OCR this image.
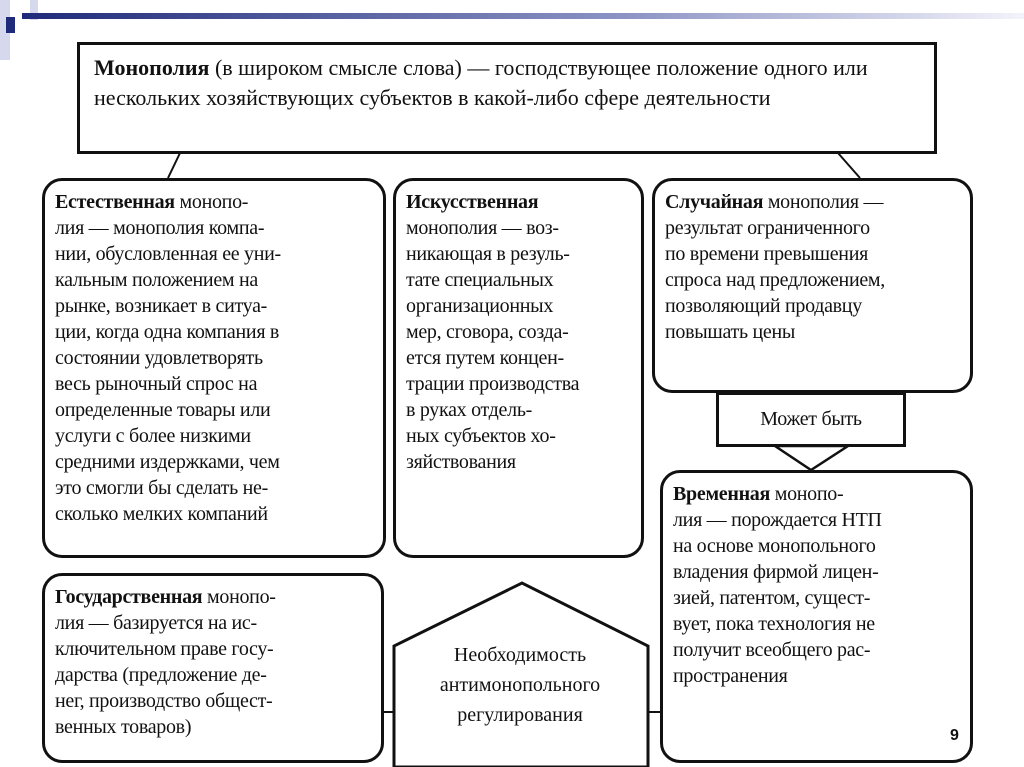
Монополия (в широком смысле слова) — господствующее положение одного или нескольких хозяйствующих субъектов в какой-либо сфере деятельности
Естественная монопо-
лия — монополия компа-
нии, обусловленная ее уни-
кальным положением на
рынке, возникает в ситуа-
ции, когда одна компания в
состоянии удовлетворять
весь рыночный спрос на
определенные товары или
услуги с более низкими
средними издержками, чем
это смогли бы сделать не-
сколько мелких компаний
Искусственная
монополия — воз-
никающая в резуль-
тате специальных
организационных
мер, сговора, созда-
ется путем концен-
трации производства
в руках отдель-
ных субъектов хо-
зяйствования
Случайная монополия —
результат ограниченного
по времени превышения
спроса над предложением,
позволяющий продавцу
повышать цены
Может быть
Временная монопо-
лия — порождается НТП
на основе монопольного
владения фирмой лицен-
зией, патентом, сущест-
вует, пока технология не
получит всеобщего рас-
пространения
Государственная монопо-
лия — базируется на ис-
ключительном праве госу-
дарства (предложение де-
нег, производство общест-
венных товаров)
Необходимость
антимонопольного
регулирования
9
